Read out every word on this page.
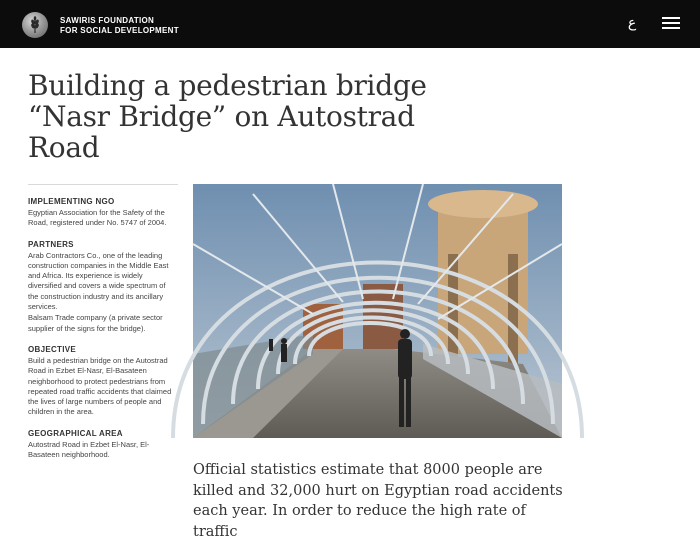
SAWIRIS FOUNDATION
FOR SOCIAL DEVELOPMENT	ع
Building a pedestrian bridge “Nasr Bridge” on Autostrad Road
IMPLEMENTING NGO
Egyptian Association for the Safety of the Road, registered under No. 5747 of 2004.
PARTNERS
Arab Contractors Co., one of the leading construction companies in the Middle East and Africa. Its experience is widely diversified and covers a wide spectrum of the construction industry and its ancillary services.
Balsam Trade company (a private sector supplier of the signs for the bridge).
OBJECTIVE
Build a pedestrian bridge on the Autostrad Road in Ezbet El-Nasr, El-Basateen neighborhood to protect pedestrians from repeated road traffic accidents that claimed the lives of large numbers of people and children in the area.
GEOGRAPHICAL AREA
Autostrad Road in Ezbet El-Nasr, El-Basateen neighborhood.

Official statistics estimate that 8000 people are killed and 32,000 hurt on Egyptian road accidents each year. In order to reduce the high rate of traffic
